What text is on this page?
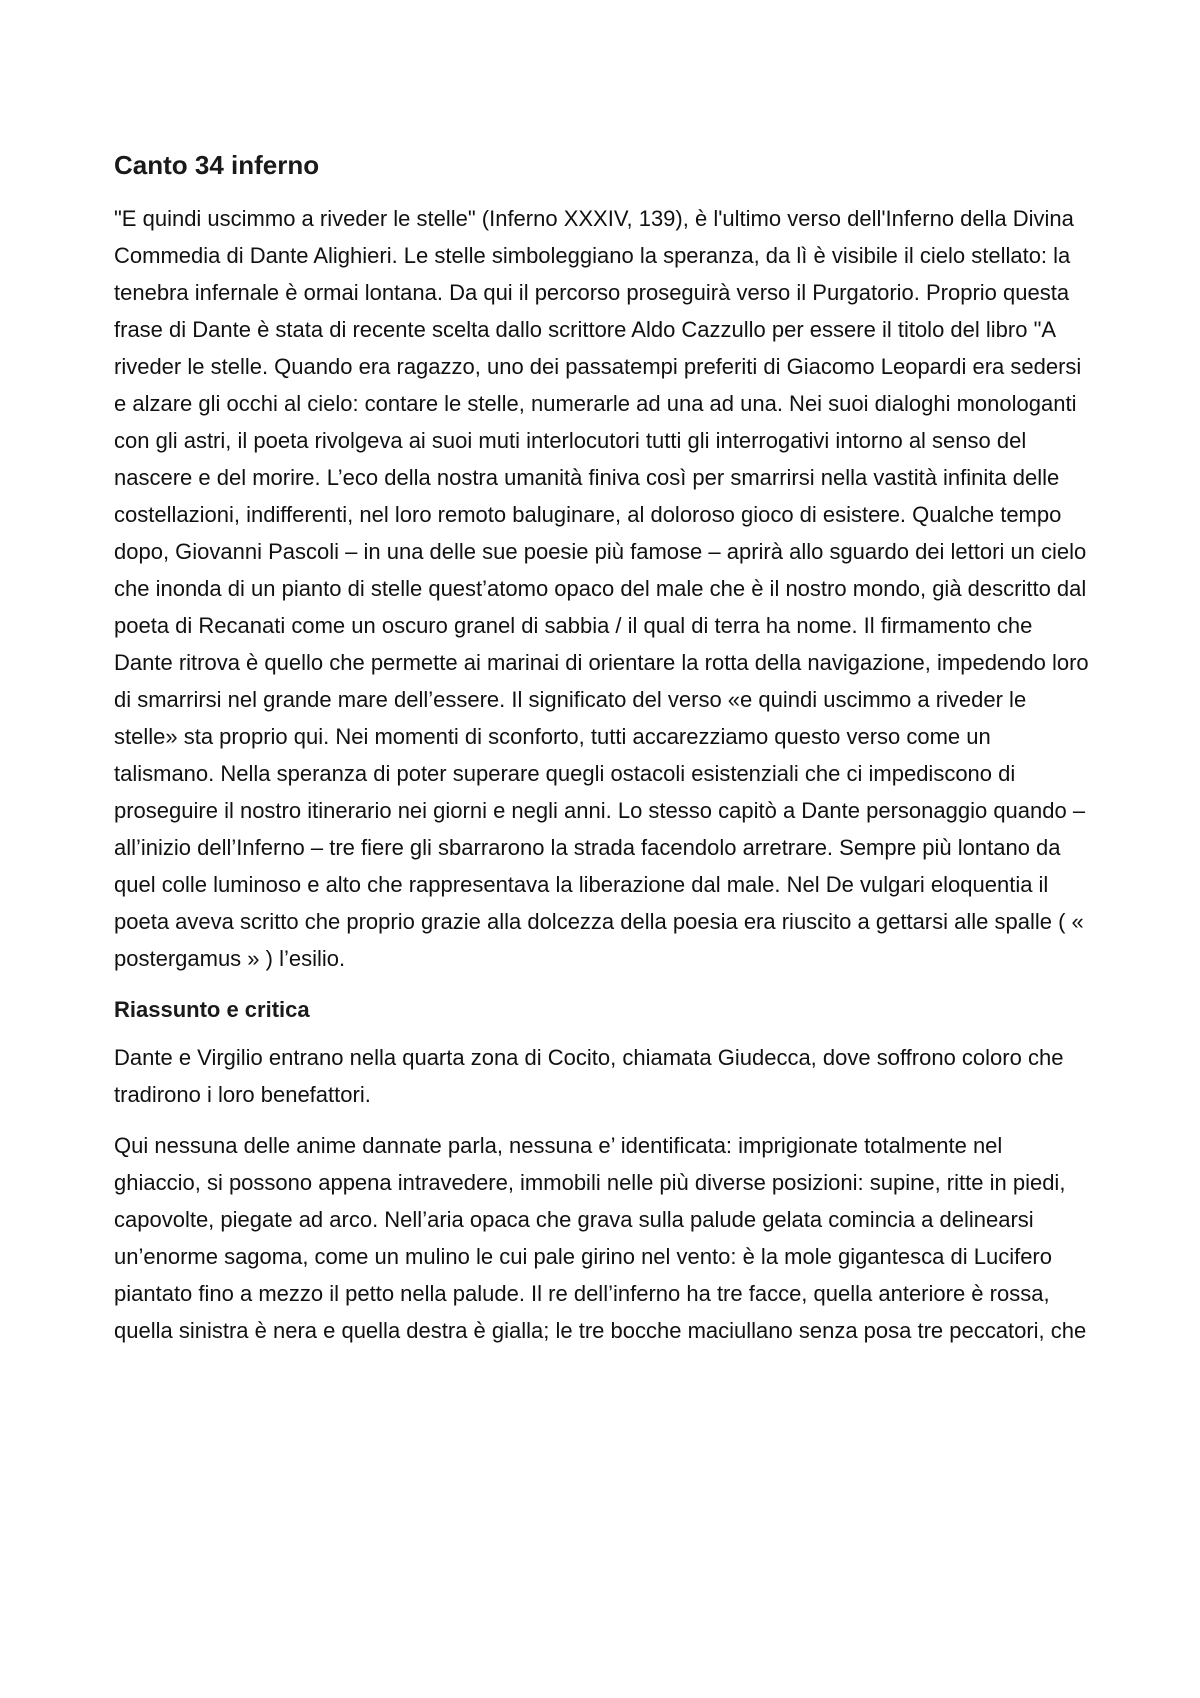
Canto 34 inferno

"E quindi uscimmo a riveder le stelle" (Inferno XXXIV, 139), è l'ultimo verso dell'Inferno della Divina Commedia di Dante Alighieri. Le stelle simboleggiano la speranza, da lì è visibile il cielo stellato: la tenebra infernale è ormai lontana. Da qui il percorso proseguirà verso il Purgatorio. Proprio questa frase di Dante è stata di recente scelta dallo scrittore Aldo Cazzullo per essere il titolo del libro "A riveder le stelle. Quando era ragazzo, uno dei passatempi preferiti di Giacomo Leopardi era sedersi e alzare gli occhi al cielo: contare le stelle, numerarle ad una ad una. Nei suoi dialoghi monologanti con gli astri, il poeta rivolgeva ai suoi muti interlocutori tutti gli interrogativi intorno al senso del nascere e del morire. L’eco della nostra umanità finiva così per smarrirsi nella vastità infinita delle costellazioni, indifferenti, nel loro remoto baluginare, al doloroso gioco di esistere. Qualche tempo dopo, Giovanni Pascoli – in una delle sue poesie più famose – aprirà allo sguardo dei lettori un cielo che inonda di un pianto di stelle quest’atomo opaco del male che è il nostro mondo, già descritto dal poeta di Recanati come un oscuro granel di sabbia / il qual di terra ha nome. Il firmamento che Dante ritrova è quello che permette ai marinai di orientare la rotta della navigazione, impedendo loro di smarrirsi nel grande mare dell’essere. Il significato del verso «e quindi uscimmo a riveder le stelle» sta proprio qui. Nei momenti di sconforto, tutti accarezziamo questo verso come un talismano. Nella speranza di poter superare quegli ostacoli esistenziali che ci impediscono di proseguire il nostro itinerario nei giorni e negli anni. Lo stesso capitò a Dante personaggio quando – all’inizio dell’Inferno – tre fiere gli sbarrarono la strada facendolo arretrare. Sempre più lontano da quel colle luminoso e alto che rappresentava la liberazione dal male. Nel De vulgari eloquentia il poeta aveva scritto che proprio grazie alla dolcezza della poesia era riuscito a gettarsi alle spalle ( « postergamus » ) l’esilio.

Riassunto e critica

Dante e Virgilio entrano nella quarta zona di Cocito, chiamata Giudecca, dove soffrono coloro che tradirono i loro benefattori.

Qui nessuna delle anime dannate parla, nessuna e’ identificata: imprigionate totalmente nel ghiaccio, si possono appena intravedere, immobili nelle più diverse posizioni: supine, ritte in piedi, capovolte, piegate ad arco. Nell’aria opaca che grava sulla palude gelata comincia a delinearsi un’enorme sagoma, come un mulino le cui pale girino nel vento: è la mole gigantesca di Lucifero piantato fino a mezzo il petto nella palude. Il re dell’inferno ha tre facce, quella anteriore è rossa, quella sinistra è nera e quella destra è gialla; le tre bocche maciullano senza posa tre peccatori, che
